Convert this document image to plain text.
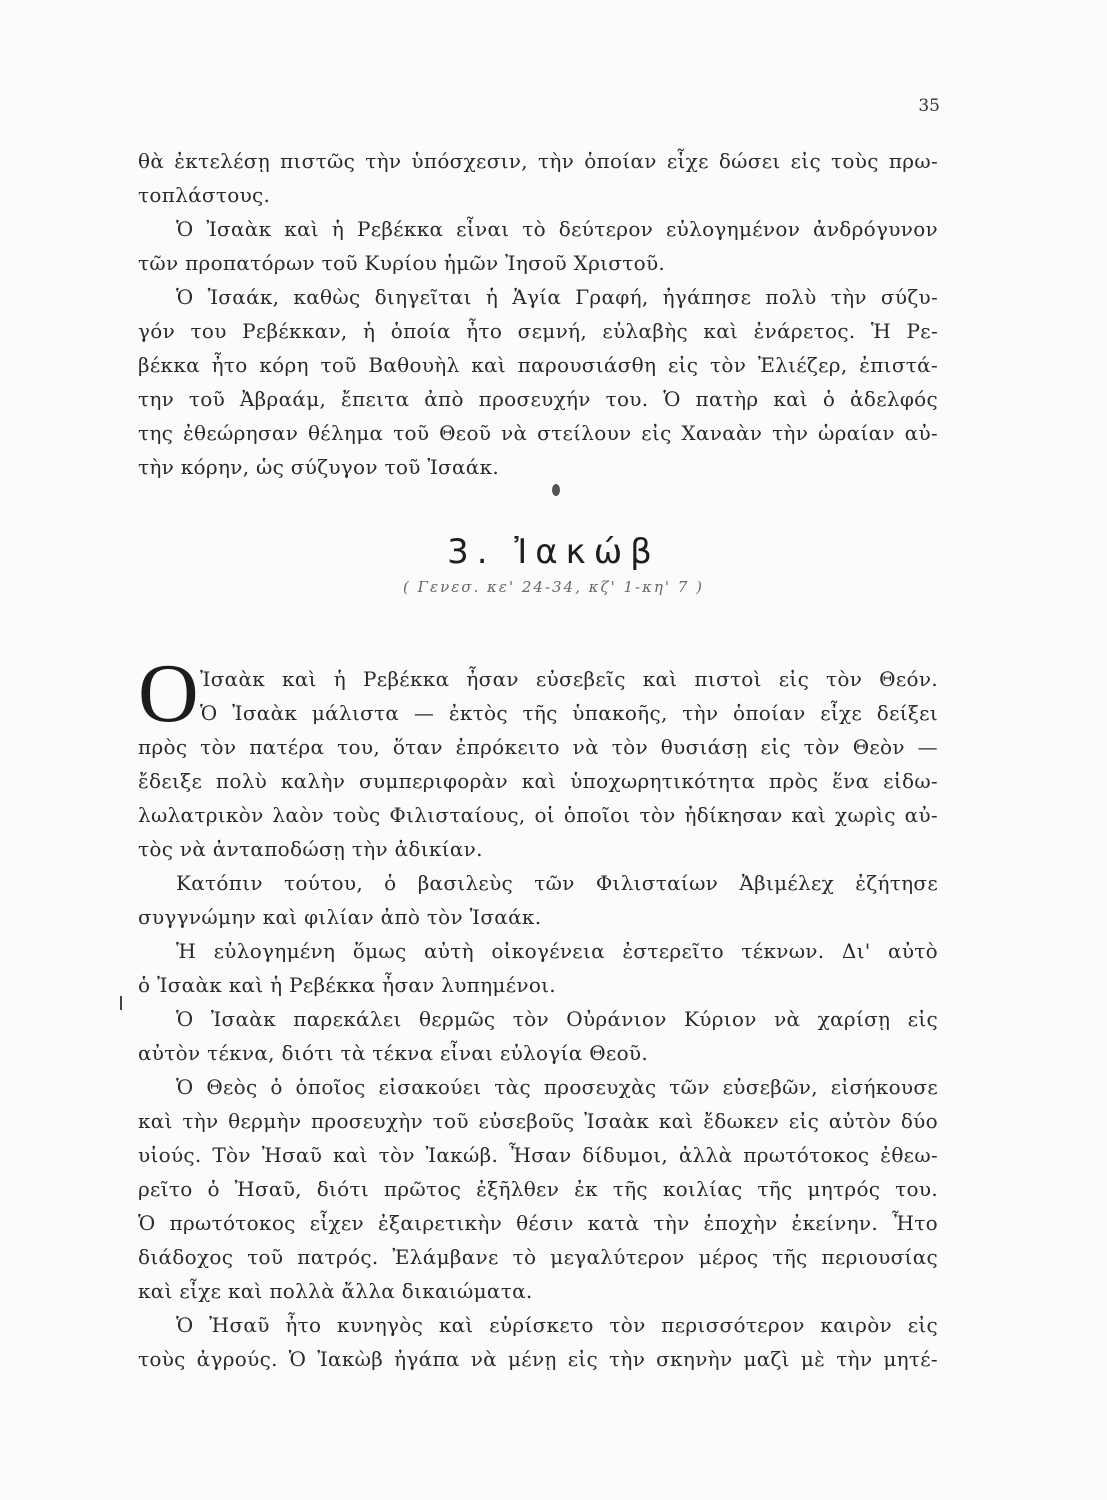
35
θὰ ἐκτελέσῃ πιστῶς τὴν ὑπόσχεσιν, τὴν ὁποίαν εἶχε δώσει εἰς τοὺς πρω-
τοπλάστους.
Ὁ Ἰσαὰκ καὶ ἡ Ρεβέκκα εἶναι τὸ δεύτερον εὐλογημένον ἀνδρόγυνον
τῶν προπατόρων τοῦ Κυρίου ἡμῶν Ἰησοῦ Χριστοῦ.
Ὁ Ἰσαάκ, καθὼς διηγεῖται ἡ Ἁγία Γραφή, ἠγάπησε πολὺ τὴν σύζυ-
γόν του Ρεβέκκαν, ἡ ὁποία ἦτο σεμνή, εὐλαβὴς καὶ ἐνάρετος. Ἡ Ρε-
βέκκα ἦτο κόρη τοῦ Βαθουὴλ καὶ παρουσιάσθη εἰς τὸν Ἐλιέζερ, ἐπιστά-
την τοῦ Ἀβραάμ, ἔπειτα ἀπὸ προσευχήν του. Ὁ πατὴρ καὶ ὁ ἀδελφός
της ἐθεώρησαν θέλημα τοῦ Θεοῦ νὰ στείλουν εἰς Χαναὰν τὴν ὡραίαν αὐ-
τὴν κόρην, ὡς σύζυγον τοῦ Ἰσαάκ.
3. Ἰακώβ
( Γενεσ. κε' 24-34, κζ' 1-κη' 7 )
O Ἰσαὰκ καὶ ἡ Ρεβέκκα ἦσαν εὐσεβεῖς καὶ πιστοὶ εἰς τὸν Θεόν.
Ὁ Ἰσαὰκ μάλιστα — ἐκτὸς τῆς ὑπακοῆς, τὴν ὁποίαν εἶχε δείξει
πρὸς τὸν πατέρα του, ὅταν ἐπρόκειτο νὰ τὸν θυσιάσῃ εἰς τὸν Θεὸν —
ἔδειξε πολὺ καλὴν συμπεριφορὰν καὶ ὑποχωρητικότητα πρὸς ἕνα εἰδω-
λωλατρικὸν λαὸν τοὺς Φιλισταίους, οἱ ὁποῖοι τὸν ἠδίκησαν καὶ χωρὶς αὐ-
τὸς νὰ ἀνταποδώσῃ τὴν ἀδικίαν.
Κατόπιν τούτου, ὁ βασιλεὺς τῶν Φιλισταίων Ἀβιμέλεχ ἐζήτησε
συγγνώμην καὶ φιλίαν ἀπὸ τὸν Ἰσαάκ.
Ἡ εὐλογημένη ὅμως αὐτὴ οἰκογένεια ἐστερεῖτο τέκνων. Δι' αὐτὸ
ὁ Ἰσαὰκ καὶ ἡ Ρεβέκκα ἦσαν λυπημένοι.
Ὁ Ἰσαὰκ παρεκάλει θερμῶς τὸν Οὐράνιον Κύριον νὰ χαρίσῃ εἰς
αὐτὸν τέκνα, διότι τὰ τέκνα εἶναι εὐλογία Θεοῦ.
Ὁ Θεὸς ὁ ὁποῖος εἰσακούει τὰς προσευχὰς τῶν εὐσεβῶν, εἰσήκουσε
καὶ τὴν θερμὴν προσευχὴν τοῦ εὐσεβοῦς Ἰσαὰκ καὶ ἔδωκεν εἰς αὐτὸν δύο
υἱούς. Τὸν Ἠσαῦ καὶ τὸν Ἰακώβ. Ἦσαν δίδυμοι, ἀλλὰ πρωτότοκος ἐθεω-
ρεῖτο ὁ Ἠσαῦ, διότι πρῶτος ἐξῆλθεν ἐκ τῆς κοιλίας τῆς μητρός του.
Ὁ πρωτότοκος εἶχεν ἐξαιρετικὴν θέσιν κατὰ τὴν ἐποχὴν ἐκείνην. Ἦτο
διάδοχος τοῦ πατρός. Ἐλάμβανε τὸ μεγαλύτερον μέρος τῆς περιουσίας
καὶ εἶχε καὶ πολλὰ ἄλλα δικαιώματα.
Ὁ Ἠσαῦ ἦτο κυνηγὸς καὶ εὑρίσκετο τὸν περισσότερον καιρὸν εἰς
τοὺς ἀγρούς. Ὁ Ἰακὼβ ἠγάπα νὰ μένῃ εἰς τὴν σκηνὴν μαζὶ μὲ τὴν μητέ-
